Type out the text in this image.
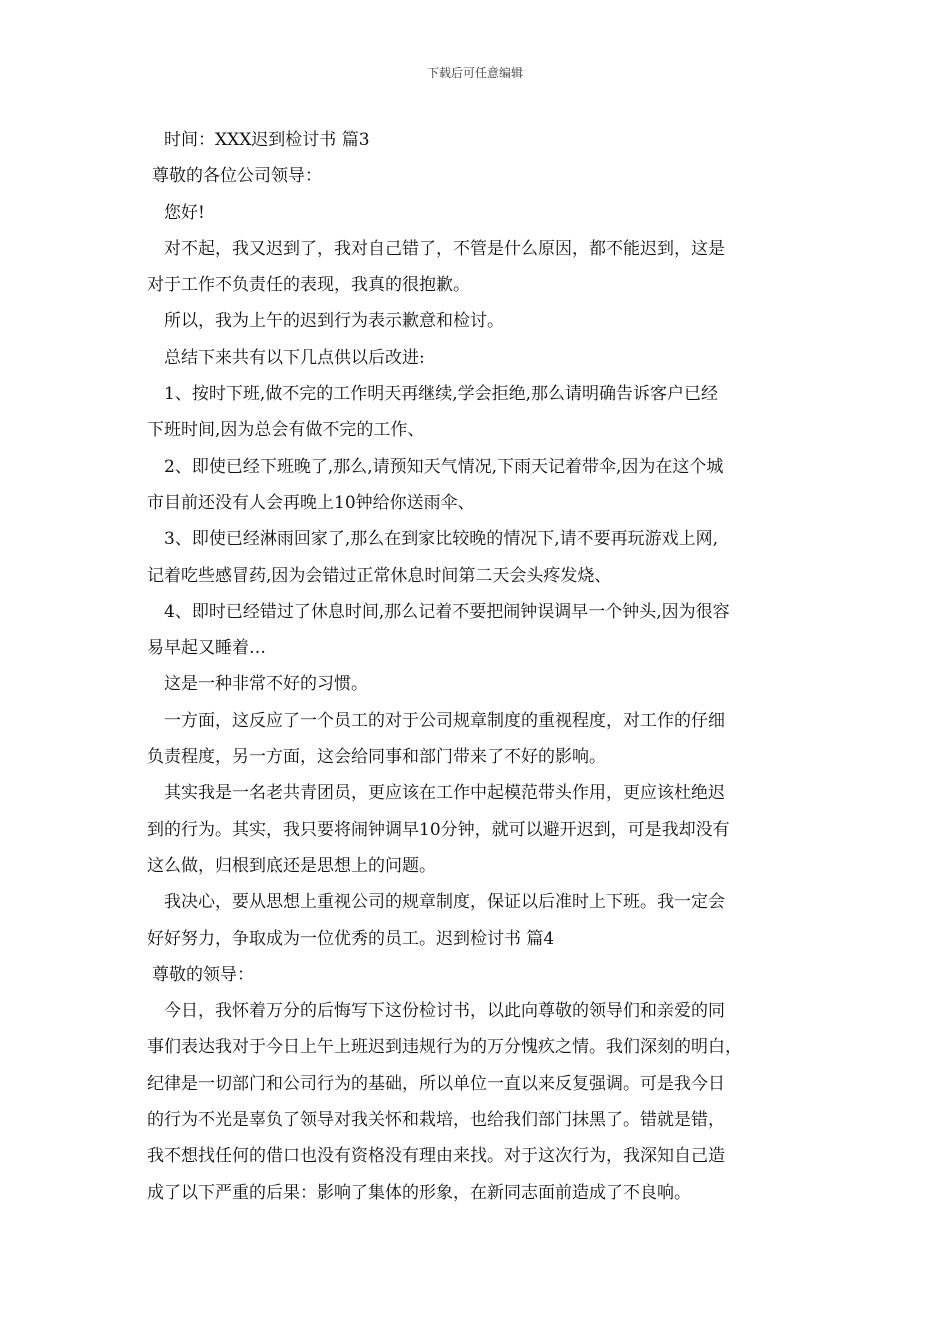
下载后可任意编辑
时间：XXX迟到检讨书 篇3
尊敬的各位公司领导：
您好!
对不起，我又迟到了，我对自己错了，不管是什么原因，都不能迟到，这是
对于工作不负责任的表现，我真的很抱歉。
所以，我为上午的迟到行为表示歉意和检讨。
总结下来共有以下几点供以后改进:
1、按时下班,做不完的工作明天再继续,学会拒绝,那么请明确告诉客户已经
下班时间,因为总会有做不完的工作、
2、即使已经下班晚了,那么,请预知天气情况,下雨天记着带伞,因为在这个城
市目前还没有人会再晚上10钟给你送雨伞、
3、即使已经淋雨回家了,那么在到家比较晚的情况下,请不要再玩游戏上网,
记着吃些感冒药,因为会错过正常休息时间第二天会头疼发烧、
4、即时已经错过了休息时间,那么记着不要把闹钟误调早一个钟头,因为很容
易早起又睡着…
这是一种非常不好的习惯。
一方面，这反应了一个员工的对于公司规章制度的重视程度，对工作的仔细
负责程度，另一方面，这会给同事和部门带来了不好的影响。
其实我是一名老共青团员，更应该在工作中起模范带头作用，更应该杜绝迟
到的行为。其实，我只要将闹钟调早10分钟，就可以避开迟到，可是我却没有
这么做，归根到底还是思想上的问题。
我决心，要从思想上重视公司的规章制度，保证以后准时上下班。我一定会
好好努力，争取成为一位优秀的员工。迟到检讨书 篇4
尊敬的领导：
今日，我怀着万分的后悔写下这份检讨书，以此向尊敬的领导们和亲爱的同
事们表达我对于今日上午上班迟到违规行为的万分愧疚之情。我们深刻的明白，
纪律是一切部门和公司行为的基础，所以单位一直以来反复强调。可是我今日
的行为不光是辜负了领导对我关怀和栽培，也给我们部门抹黑了。错就是错，
我不想找任何的借口也没有资格没有理由来找。对于这次行为，我深知自己造
成了以下严重的后果：影响了集体的形象，在新同志面前造成了不良响。
